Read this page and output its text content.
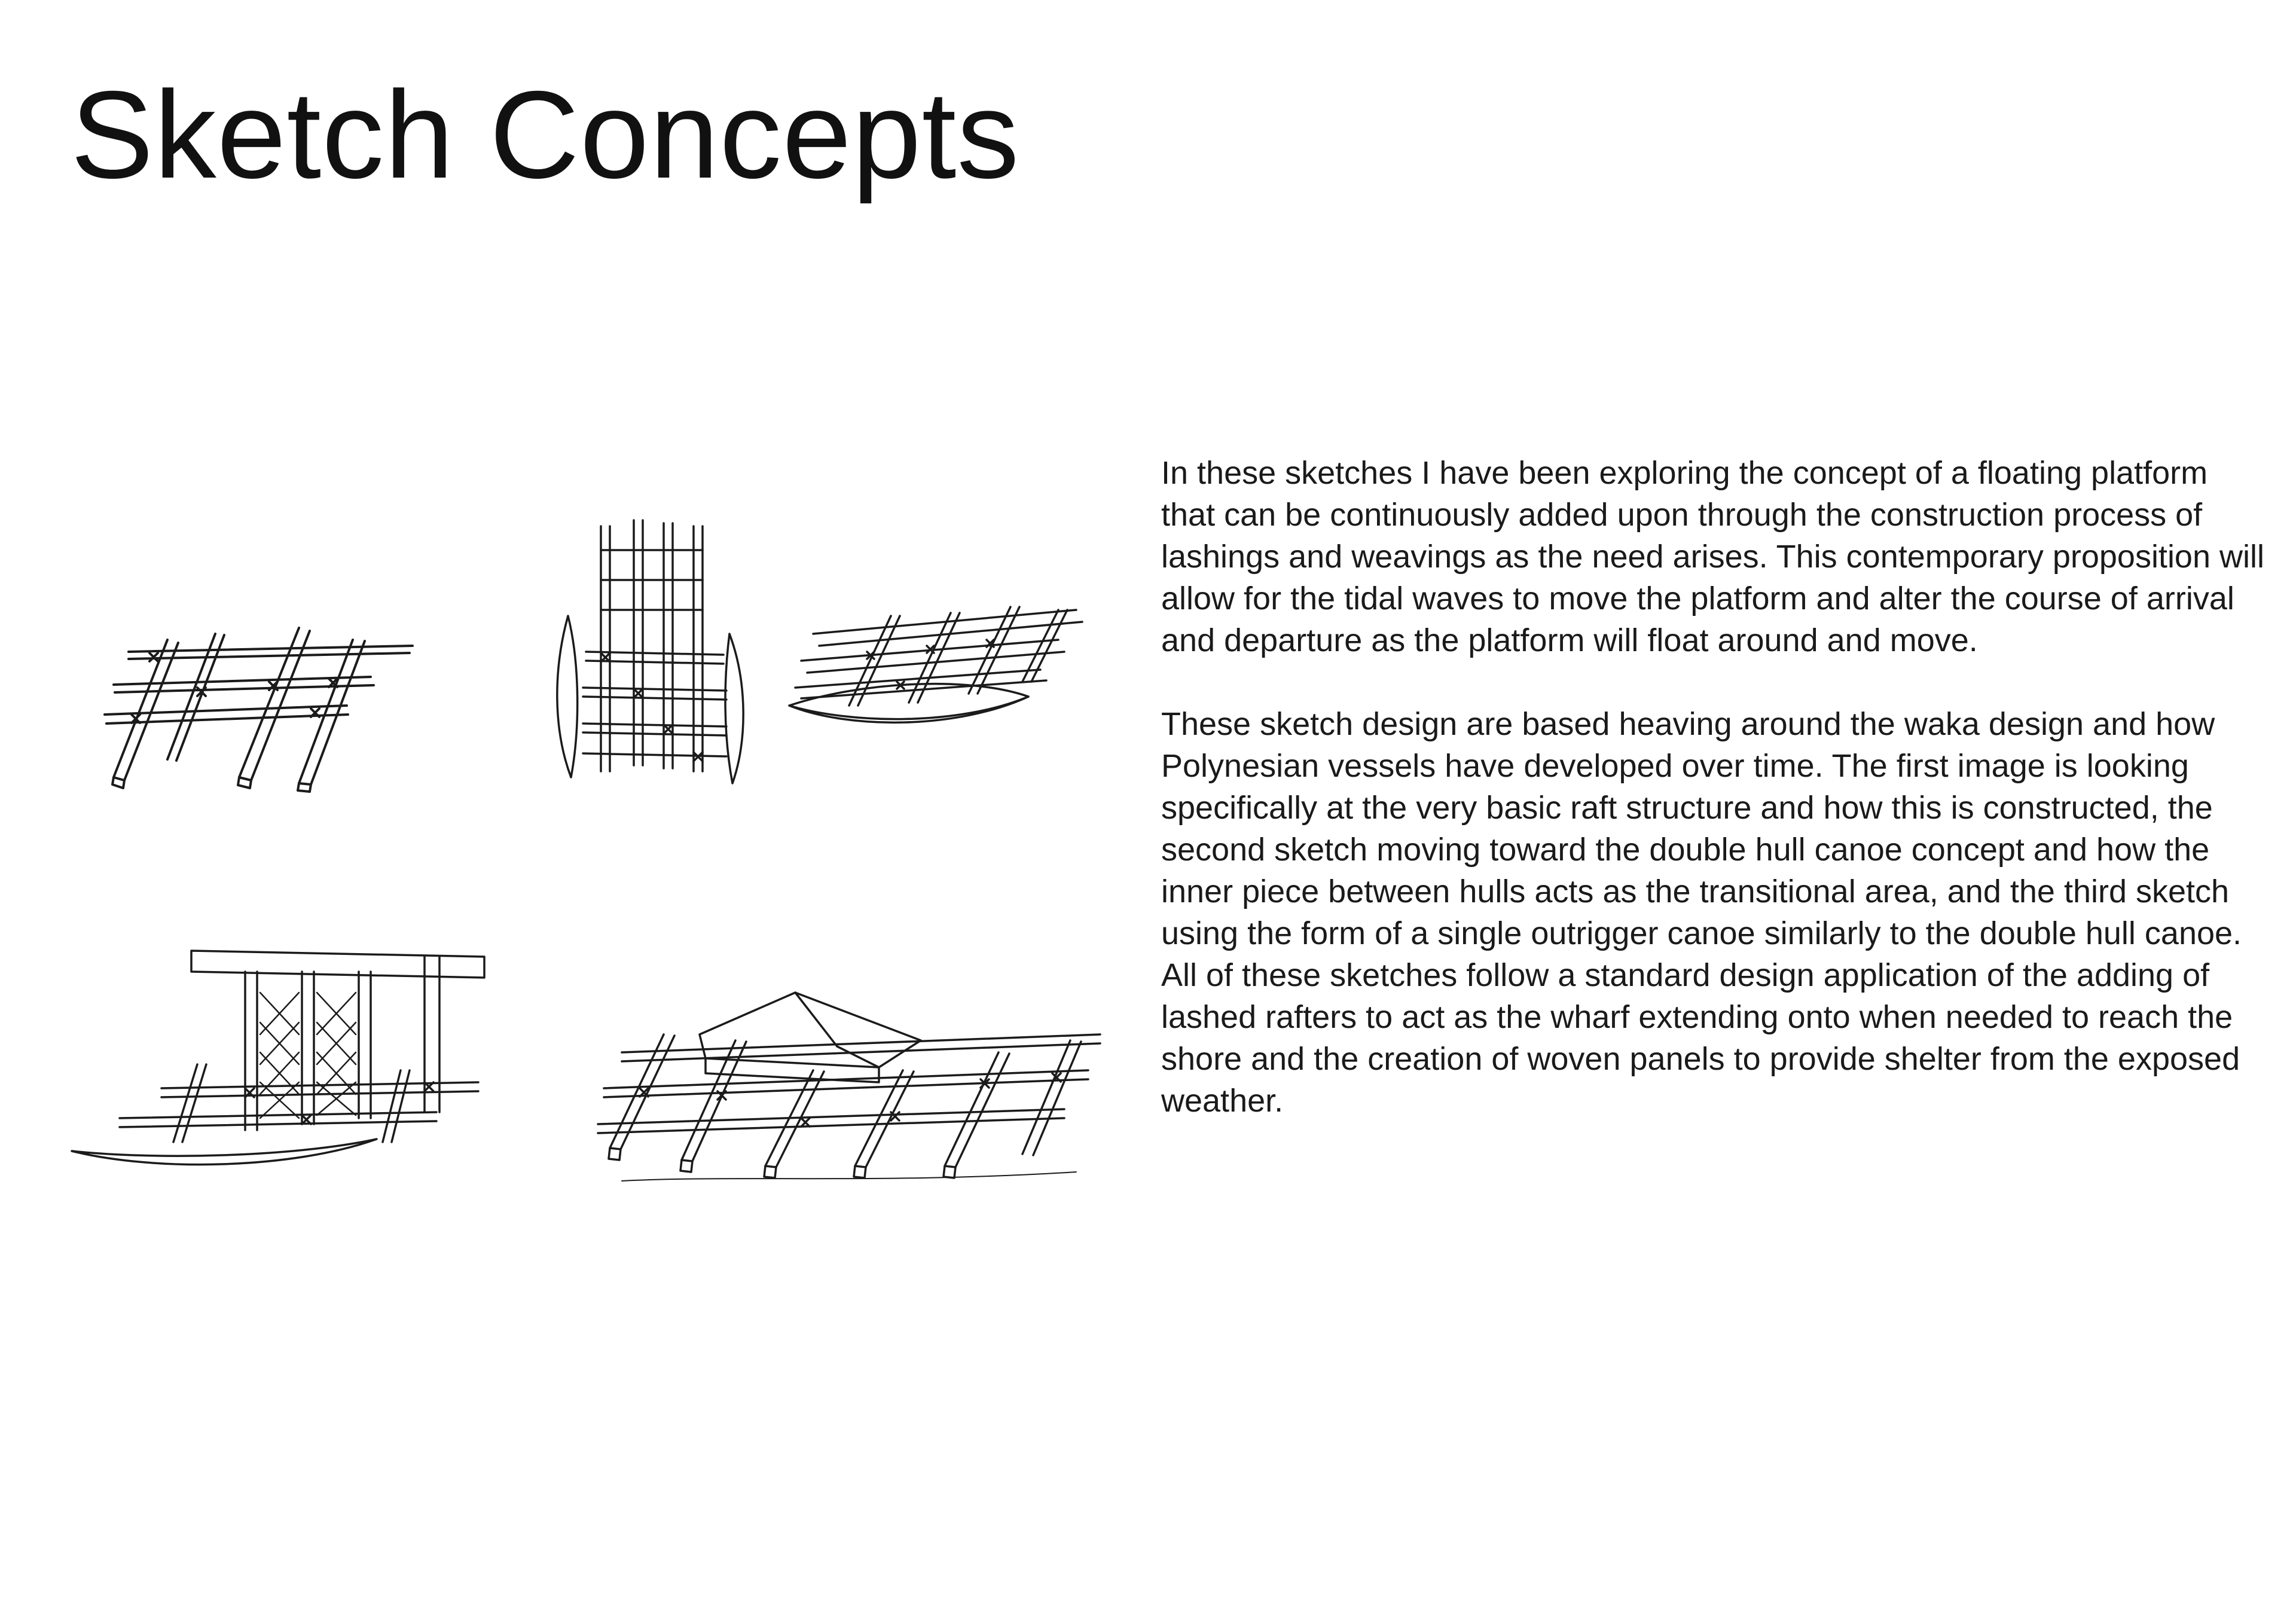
Sketch Concepts

In these sketches I have been exploring the concept of a floating platform that can be continuously added upon through the construction process of lashings and weavings as the need arises. This contemporary proposition will allow for the tidal waves to move the platform and alter the course of arrival and departure as the platform will float around and move.

These sketch design are based heaving around the waka design and how Polynesian vessels have developed over time. The first image is looking specifically at the very basic raft structure and how this is constructed, the second sketch moving toward the double hull canoe concept and how the inner piece between hulls acts as the transitional area, and the third sketch using the form of a single outrigger canoe similarly to the double hull canoe. All of these sketches follow a standard design application of the adding of lashed rafters to act as the wharf extending onto when needed to reach the shore and the creation of woven panels to provide shelter from the exposed weather.
